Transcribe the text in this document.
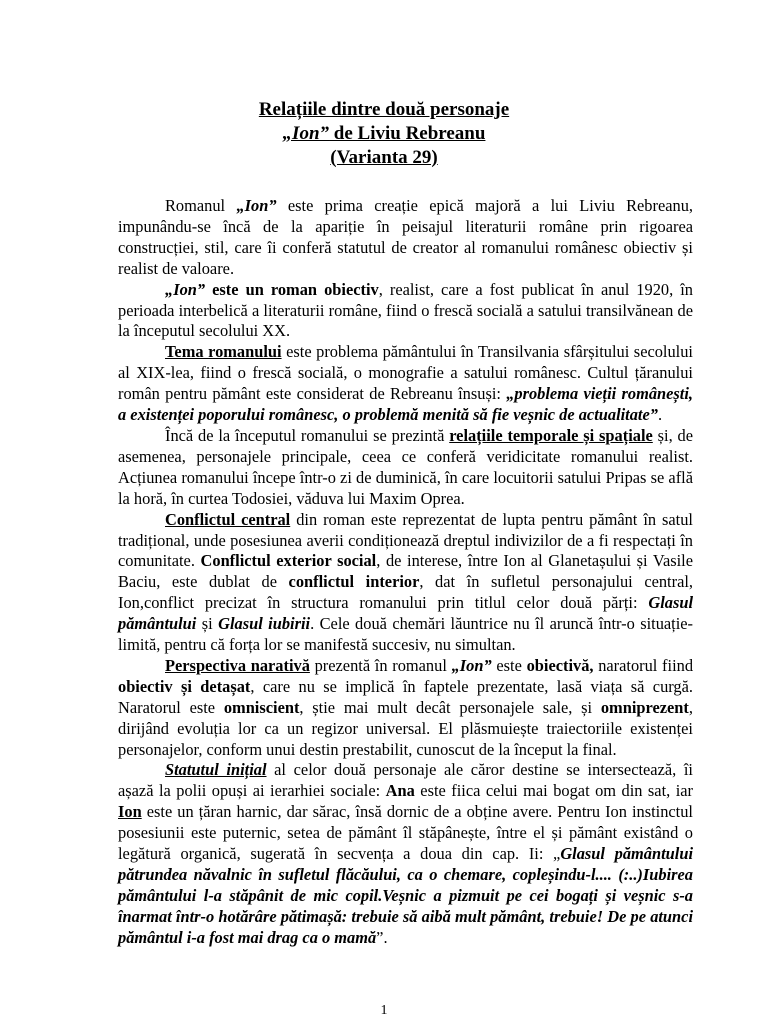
Relațiile dintre două personaje
„Ion” de Liviu Rebreanu
(Varianta 29)

Romanul „Ion” este prima creație epică majoră a lui Liviu Rebreanu, impunându-se încă de la apariție în peisajul literaturii române prin rigoarea construcției, stil, care îi conferă statutul de creator al romanului românesc obiectiv și realist de valoare.

„Ion” este un roman obiectiv, realist, care a fost publicat în anul 1920, în perioada interbelică a literaturii române, fiind o frescă socială a satului transilvănean de la începutul secolului XX.

Tema romanului este problema pământului în Transilvania sfârșitului secolului al XIX-lea, fiind o frescă socială, o monografie a satului românesc. Cultul țăranului român pentru pământ este considerat de Rebreanu însuși: „problema vieții românești, a existenței poporului românesc, o problemă menită să fie veșnic de actualitate”.

Încă de la începutul romanului se prezintă relațiile temporale și spațiale și, de asemenea, personajele principale, ceea ce conferă veridicitate romanului realist. Acțiunea romanului începe într-o zi de duminică, în care locuitorii satului Pripas se află la horă, în curtea Todosiei, văduva lui Maxim Oprea.

Conflictul central din roman este reprezentat de lupta pentru pământ în satul tradițional, unde posesiunea averii condiționează dreptul indivizilor de a fi respectați în comunitate. Conflictul exterior social, de interese, între Ion al Glanetașului și Vasile Baciu, este dublat de conflictul interior, dat în sufletul personajului central, Ion,conflict precizat în structura romanului prin titlul celor două părți: Glasul pământului și Glasul iubirii. Cele două chemări lăuntrice nu îl aruncă într-o situație-limită, pentru că forța lor se manifestă succesiv, nu simultan.

Perspectiva narativă prezentă în romanul „Ion” este obiectivă, naratorul fiind obiectiv și detașat, care nu se implică în faptele prezentate, lasă viața să curgă. Naratorul este omniscient, știe mai mult decât personajele sale, și omniprezent, dirijând evoluția lor ca un regizor universal. El plăsmuiește traiectoriile existenței personajelor, conform unui destin prestabilit, cunoscut de la început la final.

Statutul inițial al celor două personaje ale căror destine se intersectează, îi așază la polii opuși ai ierarhiei sociale: Ana este fiica celui mai bogat om din sat, iar Ion este un țăran harnic, dar sărac, însă dornic de a obține avere. Pentru Ion instinctul posesiunii este puternic, setea de pământ îl stăpânește, între el și pământ existând o legătură organică, sugerată în secvența a doua din cap. Ii: „Glasul pământului pătrundea năvalnic în sufletul flăcăului, ca o chemare, copleșindu-l.... (:..)Iubirea pământului l-a stăpânit de mic copil.Veșnic a pizmuit pe cei bogați și veșnic s-a înarmat într-o hotărâre pătimașă: trebuie să aibă mult pământ, trebuie! De pe atunci pământul i-a fost mai drag ca o mamă”.

1
